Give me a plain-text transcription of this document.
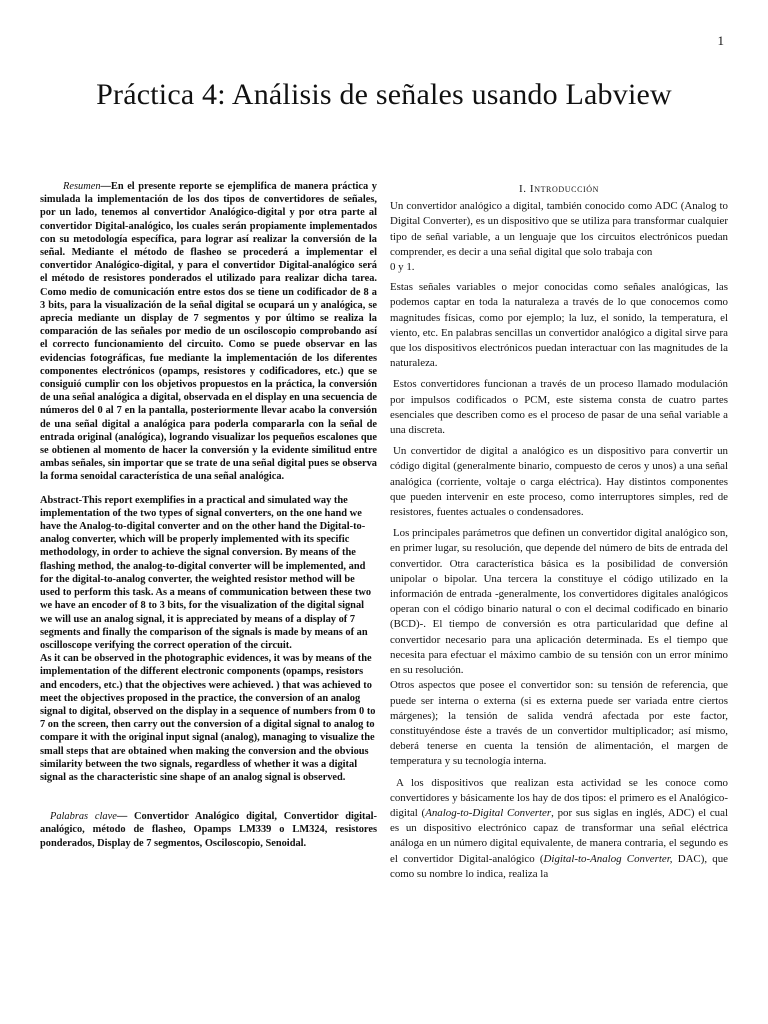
1
Práctica 4: Análisis de señales usando Labview

Resumen—En el presente reporte se ejemplifica de manera práctica y simulada la implementación de los dos tipos de convertidores de señales, por un lado, tenemos al convertidor Analógico-digital y por otra parte al convertidor Digital-analógico, los cuales serán propiamente implementados con su metodología específica, para lograr así realizar la conversión de la señal. Mediante el método de flasheo se procederá a implementar el convertidor Analógico-digital, y para el convertidor Digital-analógico será el método de resistores ponderados el utilizado para realizar dicha tarea. Como medio de comunicación entre estos dos se tiene un codificador de 8 a 3 bits, para la visualización de la señal digital se ocupará un y analógica, se aprecia mediante un display de 7 segmentos y por último se realiza la comparación de las señales por medio de un osciloscopio comprobando así el correcto funcionamiento del circuito. Como se puede observar en las evidencias fotográficas, fue mediante la implementación de los diferentes componentes electrónicos (opamps, resistores y codificadores, etc.) que se consiguió cumplir con los objetivos propuestos en la práctica, la conversión de una señal analógica a digital, observada en el display en una secuencia de números del 0 al 7 en la pantalla, posteriormente llevar acabo la conversión de una señal digital a analógica para poderla compararla con la señal de entrada original (analógica), logrando visualizar los pequeños escalones que se obtienen al momento de hacer la conversión y la evidente similitud entre ambas señales, sin importar que se trate de una señal digital pues se observa la forma senoidal característica de una señal analógica.

Abstract-This report exemplifies in a practical and simulated way the implementation of the two types of signal converters, on the one hand we have the Analog-to-digital converter and on the other hand the Digital-to-analog converter, which will be properly implemented with its specific methodology, in order to achieve the signal conversion. By means of the flashing method, the analog-to-digital converter will be implemented, and for the digital-to-analog converter, the weighted resistor method will be used to perform this task. As a means of communication between these two we have an encoder of 8 to 3 bits, for the visualization of the digital signal we will use an analog signal, it is appreciated by means of a display of 7 segments and finally the comparison of the signals is made by means of an oscilloscope verifying the correct operation of the circuit.

As it can be observed in the photographic evidences, it was by means of the implementation of the different electronic components (opamps, resistors and encoders, etc.) that the objectives were achieved. ) that was achieved to meet the objectives proposed in the practice, the conversion of an analog signal to digital, observed on the display in a sequence of numbers from 0 to 7 on the screen, then carry out the conversion of a digital signal to analog to compare it with the original input signal (analog), managing to visualize the small steps that are obtained when making the conversion and the obvious similarity between the two signals, regardless of whether it was a digital signal as the characteristic sine shape of an analog signal is observed.

Palabras clave— Convertidor Analógico digital, Convertidor digital-analógico, método de flasheo, Opamps LM339 o LM324, resistores ponderados, Display de 7 segmentos, Osciloscopio, Senoidal.

I. Introducción

Un convertidor analógico a digital, también conocido como ADC (Analog to Digital Converter), es un dispositivo que se utiliza para transformar cualquier tipo de señal variable, a un lenguaje que los circuitos electrónicos puedan comprender, es decir a una señal digital que solo trabaja con
0 y 1.

Estas señales variables o mejor conocidas como señales analógicas, las podemos captar en toda la naturaleza a través de lo que conocemos como magnitudes físicas, como por ejemplo; la luz, el sonido, la temperatura, el viento, etc. En palabras sencillas un convertidor analógico a digital sirve para que los dispositivos electrónicos puedan interactuar con las magnitudes de la naturaleza.

Estos convertidores funcionan a través de un proceso llamado modulación por impulsos codificados o PCM, este sistema consta de cuatro partes esenciales que describen como es el proceso de pasar de una señal variable a una discreta.

Un convertidor de digital a analógico es un dispositivo para convertir un código digital (generalmente binario, compuesto de ceros y unos) a una señal analógica (corriente, voltaje o carga eléctrica). Hay distintos componentes que pueden intervenir en este proceso, como interruptores simples, red de resistores, fuentes actuales o condensadores.

Los principales parámetros que definen un convertidor digital analógico son, en primer lugar, su resolución, que depende del número de bits de entrada del convertidor. Otra característica básica es la posibilidad de conversión unipolar o bipolar. Una tercera la constituye el código utilizado en la información de entrada -generalmente, los convertidores digitales analógicos operan con el código binario natural o con el decimal codificado en binario (BCD)-. El tiempo de conversión es otra particularidad que define al convertidor necesario para una aplicación determinada. Es el tiempo que necesita para efectuar el máximo cambio de su tensión con un error mínimo en su resolución.

Otros aspectos que posee el convertidor son: su tensión de referencia, que puede ser interna o externa (si es externa puede ser variada entre ciertos márgenes); la tensión de salida vendrá afectada por este factor, constituyéndose éste a través de un convertidor multiplicador; así mismo, deberá tenerse en cuenta la tensión de alimentación, el margen de temperatura y su tecnología interna.

A los dispositivos que realizan esta actividad se les conoce como convertidores y básicamente los hay de dos tipos: el primero es el Analógico-digital (Analog-to-Digital Converter, por sus siglas en inglés, ADC) el cual es un dispositivo electrónico capaz de transformar una señal eléctrica análoga en un número digital equivalente, de manera contraria, el segundo es el convertidor Digital-analógico (Digital-to-Analog Converter, DAC), que como su nombre lo indica, realiza la
